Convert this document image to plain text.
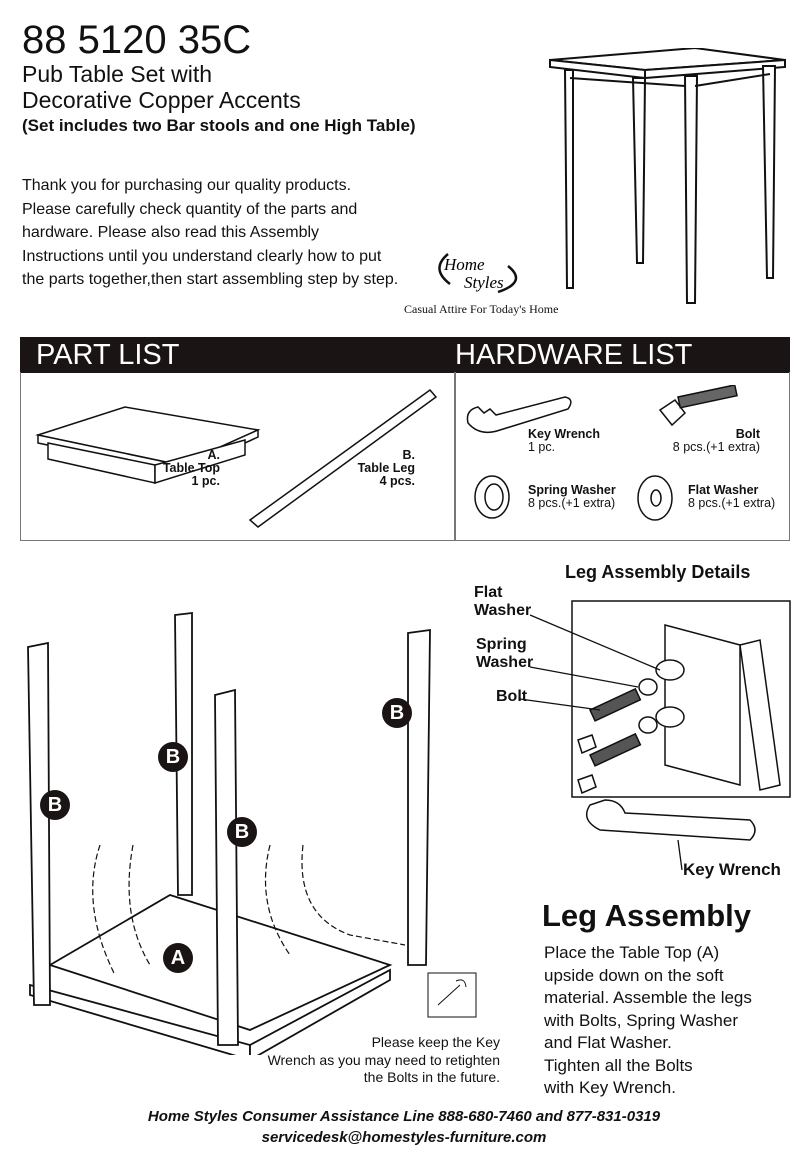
88 5120 35C
Pub Table Set with
Decorative Copper Accents
(Set includes two Bar stools and one High Table)
Thank you for purchasing our quality products.
Please carefully check quantity of the parts and
hardware. Please also read this Assembly
Instructions until you understand clearly how to put
the parts together,then start assembling step by step.
Home
Styles
Casual Attire For Today's Home
PART LIST	HARDWARE LIST
A.
Table Top
1 pc.
B.
Table Leg
4 pcs.
Key Wrench
1 pc.
Bolt
8 pcs.(+1 extra)
Spring Washer
8 pcs.(+1 extra)
Flat Washer
8 pcs.(+1 extra)
A
B
B
B
B
Leg Assembly Details
Flat Washer
Spring Washer
Bolt
Key Wrench
Leg Assembly
Place the Table Top (A)
upside down on the soft
material. Assemble the legs
with Bolts, Spring Washer
and Flat Washer.
Tighten all the Bolts
with Key Wrench.
Please keep the Key
Wrench as you may need to retighten
the Bolts in the future.
Home Styles Consumer Assistance Line 888-680-7460 and 877-831-0319
servicedesk@homestyles-furniture.com
